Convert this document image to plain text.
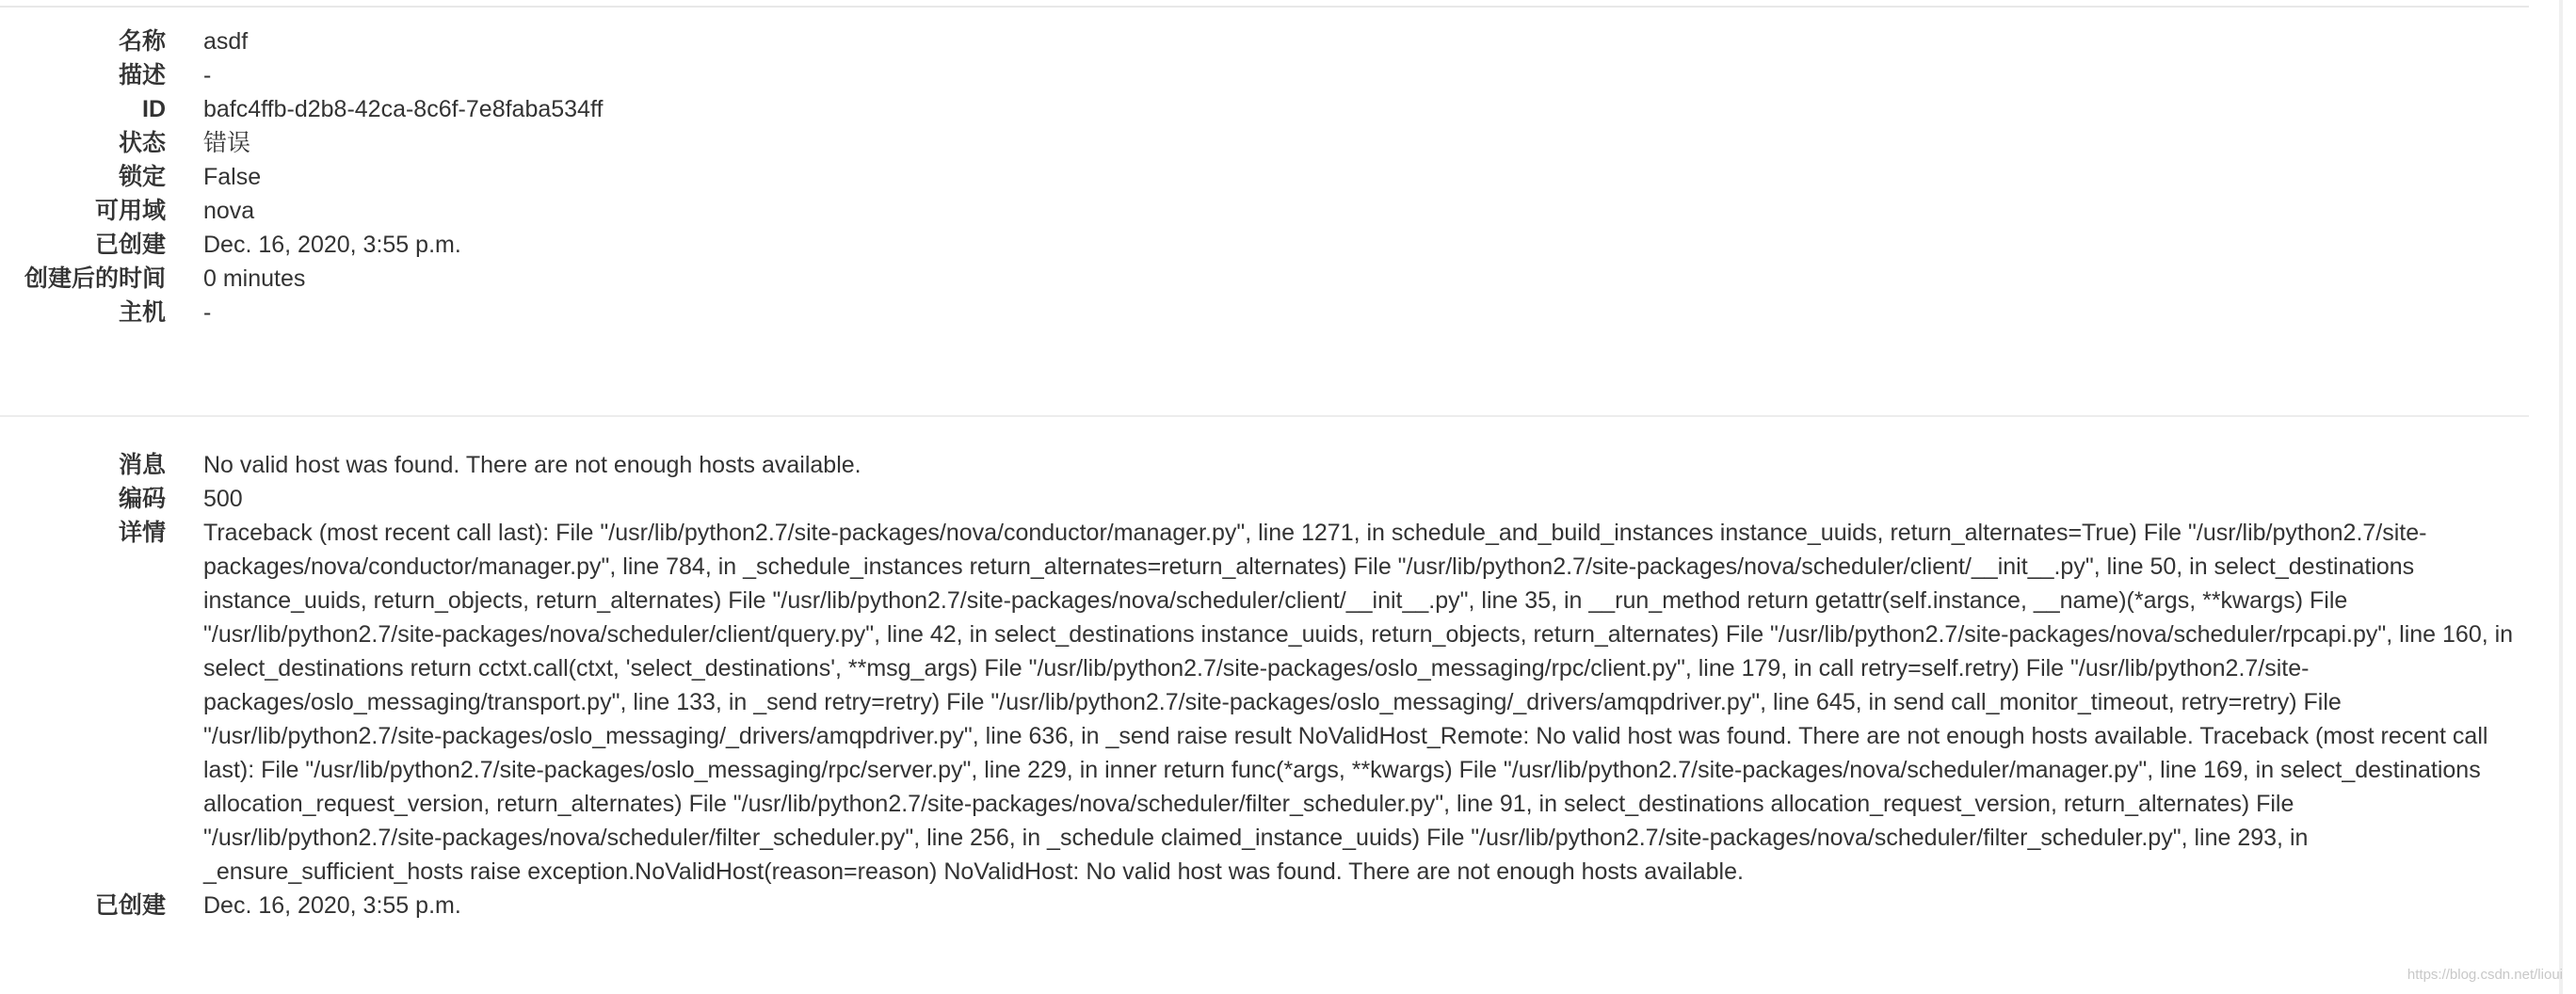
名称 asdf
描述 -
ID bafc4ffb-d2b8-42ca-8c6f-7e8faba534ff
状态 错误
锁定 False
可用域 nova
已创建 Dec. 16, 2020, 3:55 p.m.
创建后的时间 0 minutes
主机 -
消息 No valid host was found. There are not enough hosts available.
编码 500
详情 Traceback (most recent call last): File "/usr/lib/python2.7/site-packages/nova/conductor/manager.py", line 1271, in schedule_and_build_instances instance_uuids, return_alternates=True) File "/usr/lib/python2.7/site-packages/nova/conductor/manager.py", line 784, in _schedule_instances return_alternates=return_alternates) File "/usr/lib/python2.7/site-packages/nova/scheduler/client/__init__.py", line 50, in select_destinations instance_uuids, return_objects, return_alternates) File "/usr/lib/python2.7/site-packages/nova/scheduler/client/__init__.py", line 35, in __run_method return getattr(self.instance, __name)(*args, **kwargs) File "/usr/lib/python2.7/site-packages/nova/scheduler/client/query.py", line 42, in select_destinations instance_uuids, return_objects, return_alternates) File "/usr/lib/python2.7/site-packages/nova/scheduler/rpcapi.py", line 160, in select_destinations return cctxt.call(ctxt, 'select_destinations', **msg_args) File "/usr/lib/python2.7/site-packages/oslo_messaging/rpc/client.py", line 179, in call retry=self.retry) File "/usr/lib/python2.7/site-packages/oslo_messaging/transport.py", line 133, in _send retry=retry) File "/usr/lib/python2.7/site-packages/oslo_messaging/_drivers/amqpdriver.py", line 645, in send call_monitor_timeout, retry=retry) File "/usr/lib/python2.7/site-packages/oslo_messaging/_drivers/amqpdriver.py", line 636, in _send raise result NoValidHost_Remote: No valid host was found. There are not enough hosts available. Traceback (most recent call last): File "/usr/lib/python2.7/site-packages/oslo_messaging/rpc/server.py", line 229, in inner return func(*args, **kwargs) File "/usr/lib/python2.7/site-packages/nova/scheduler/manager.py", line 169, in select_destinations allocation_request_version, return_alternates) File "/usr/lib/python2.7/site-packages/nova/scheduler/filter_scheduler.py", line 91, in select_destinations allocation_request_version, return_alternates) File "/usr/lib/python2.7/site-packages/nova/scheduler/filter_scheduler.py", line 256, in _schedule claimed_instance_uuids) File "/usr/lib/python2.7/site-packages/nova/scheduler/filter_scheduler.py", line 293, in _ensure_sufficient_hosts raise exception.NoValidHost(reason=reason) NoValidHost: No valid host was found. There are not enough hosts available.
已创建 Dec. 16, 2020, 3:55 p.m.
https://blog.csdn.net/lioui
